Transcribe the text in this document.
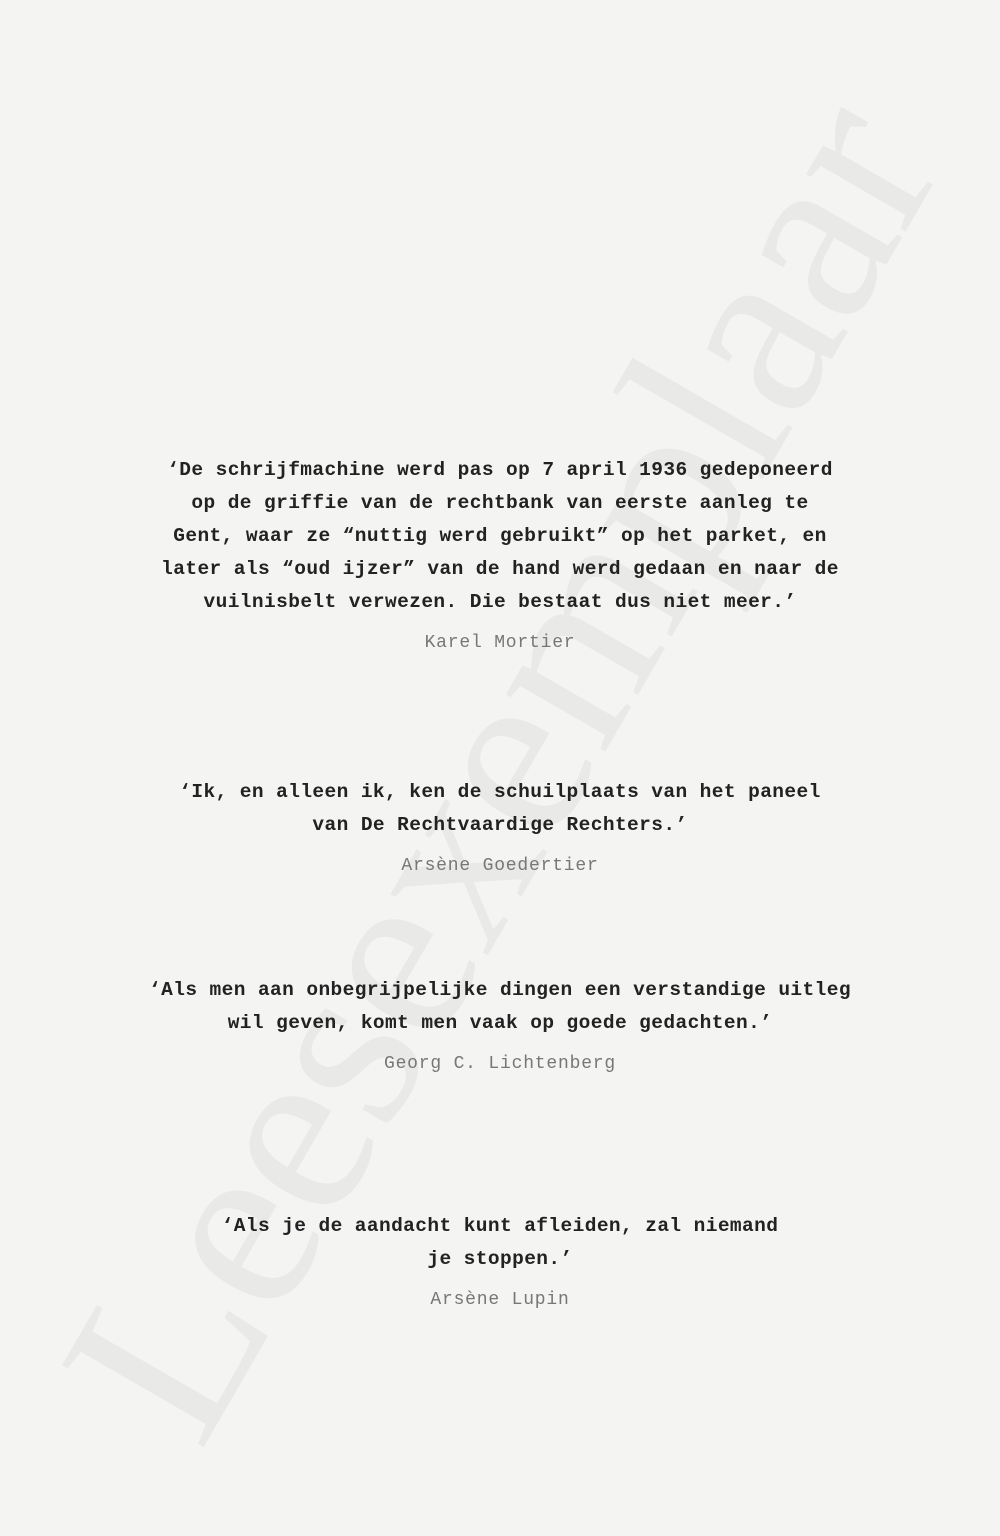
‘De schrijfmachine werd pas op 7 april 1936 gedeponeerd
op de griffie van de rechtbank van eerste aanleg te
Gent, waar ze “nuttig werd gebruikt” op het parket, en
later als “oud ijzer” van de hand werd gedaan en naar de
vuilnisbelt verwezen. Die bestaat dus niet meer.’

Karel Mortier

‘Ik, en alleen ik, ken de schuilplaats van het paneel
van De Rechtvaardige Rechters.’

Arsène Goedertier

‘Als men aan onbegrijpelijke dingen een verstandige uitleg
wil geven, komt men vaak op goede gedachten.’

Georg C. Lichtenberg

‘Als je de aandacht kunt afleiden, zal niemand
je stoppen.’

Arsène Lupin
